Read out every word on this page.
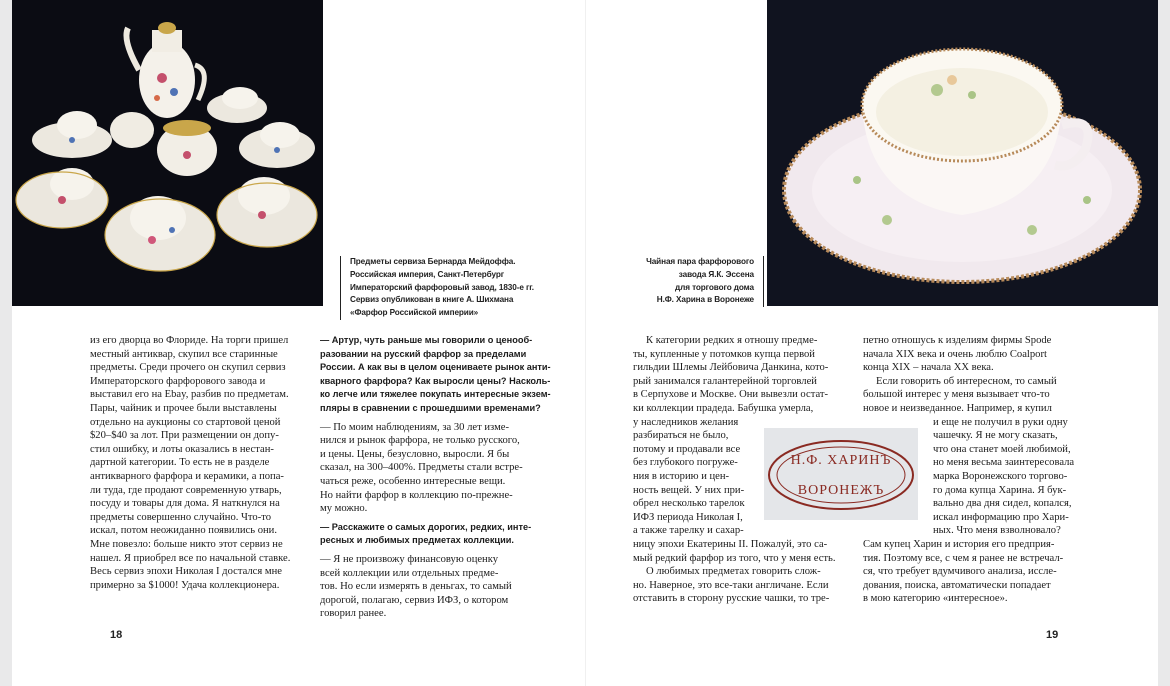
Предметы сервиза Бернарда Мейдоффа.
Российская империя, Санкт-Петербург
Императорский фарфоровый завод, 1830-е гг.
Сервиз опубликован в книге А. Шихмана
«Фарфор Российской империи»
Чайная пара фарфорового
завода Я.К. Эссена
для торгового дома
Н.Ф. Харина в Воронеже
из его дворца во Флориде. На торги пришел
местный антиквар, скупил все старинные
предметы. Среди прочего он скупил сервиз
Императорского фарфорового завода и
выставил его на Ebay, разбив по предметам.
Пары, чайник и прочее были выставлены
отдельно на аукционы со стартовой ценой
$20–$40 за лот. При размещении он допу-
стил ошибку, и лоты оказались в нестан-
дартной категории. То есть не в разделе
антикварного фарфора и керамики, а попа-
ли туда, где продают современную утварь,
посуду и товары для дома. Я наткнулся на
предметы совершенно случайно. Что-то
искал, потом неожиданно появились они.
Мне повезло: больше никто этот сервиз не
нашел. Я приобрел все по начальной ставке.
Весь сервиз эпохи Николая I достался мне
примерно за $1000! Удача коллекционера.
— Артур, чуть раньше мы говорили о ценооб-
разовании на русский фарфор за пределами
России. А как вы в целом оцениваете рынок анти-
кварного фарфора? Как выросли цены? Насколь-
ко легче или тяжелее покупать интересные экзем-
пляры в сравнении с прошедшими временами?
— По моим наблюдениям, за 30 лет изме-
нился и рынок фарфора, не только русского,
и цены. Цены, безусловно, выросли. Я бы
сказал, на 300–400%. Предметы стали встре-
чаться реже, особенно интересные вещи.
Но найти фарфор в коллекцию по-прежне-
му можно.
— Расскажите о самых дорогих, редких, инте-
ресных и любимых предметах коллекции.
— Я не произвожу финансовую оценку
всей коллекции или отдельных предме-
тов. Но если измерять в деньгах, то самый
дорогой, полагаю, сервиз ИФЗ, о котором
говорил ранее.
К категории редких я отношу предме-
ты, купленные у потомков купца первой
гильдии Шлемы Лейбовича Данкина, кото-
рый занимался галантерейной торговлей
в Серпухове и Москве. Они вывезли остат-
ки коллекции прадеда. Бабушка умерла,
у наследников желания
разбираться не было,
потому и продавали все
без глубокого погруже-
ния в историю и цен-
ность вещей. У них при-
обрел несколько тарелок
ИФЗ периода Николая I,
а также тарелку и сахар-
ницу эпохи Екатерины II. Пожалуй, это са-
мый редкий фарфор из того, что у меня есть.
О любимых предметах говорить слож-
но. Наверное, это все-таки англичане. Если
отставить в сторону русские чашки, то тре-
петно отношусь к изделиям фирмы Spode
начала XIX века и очень люблю Coalport
конца XIX – начала XX века.
Если говорить об интересном, то самый
большой интерес у меня вызывает что-то
новое и неизведанное. Например, я купил
и еще не получил в руки одну
чашечку. Я не могу сказать,
что она станет моей любимой,
но меня весьма заинтересовала
марка Воронежского торгово-
го дома купца Харина. Я бук-
вально два дня сидел, копался,
искал информацию про Хари-
ных. Что меня взволновало?
Сам купец Харин и история его предприя-
тия. Поэтому все, с чем я ранее не встречал-
ся, что требует вдумчивого анализа, иссле-
дования, поиска, автоматически попадает
в мою категорию «интересное».
Н.Ф. ХАРИНЪ
ВОРОНЕЖЪ
18	19
